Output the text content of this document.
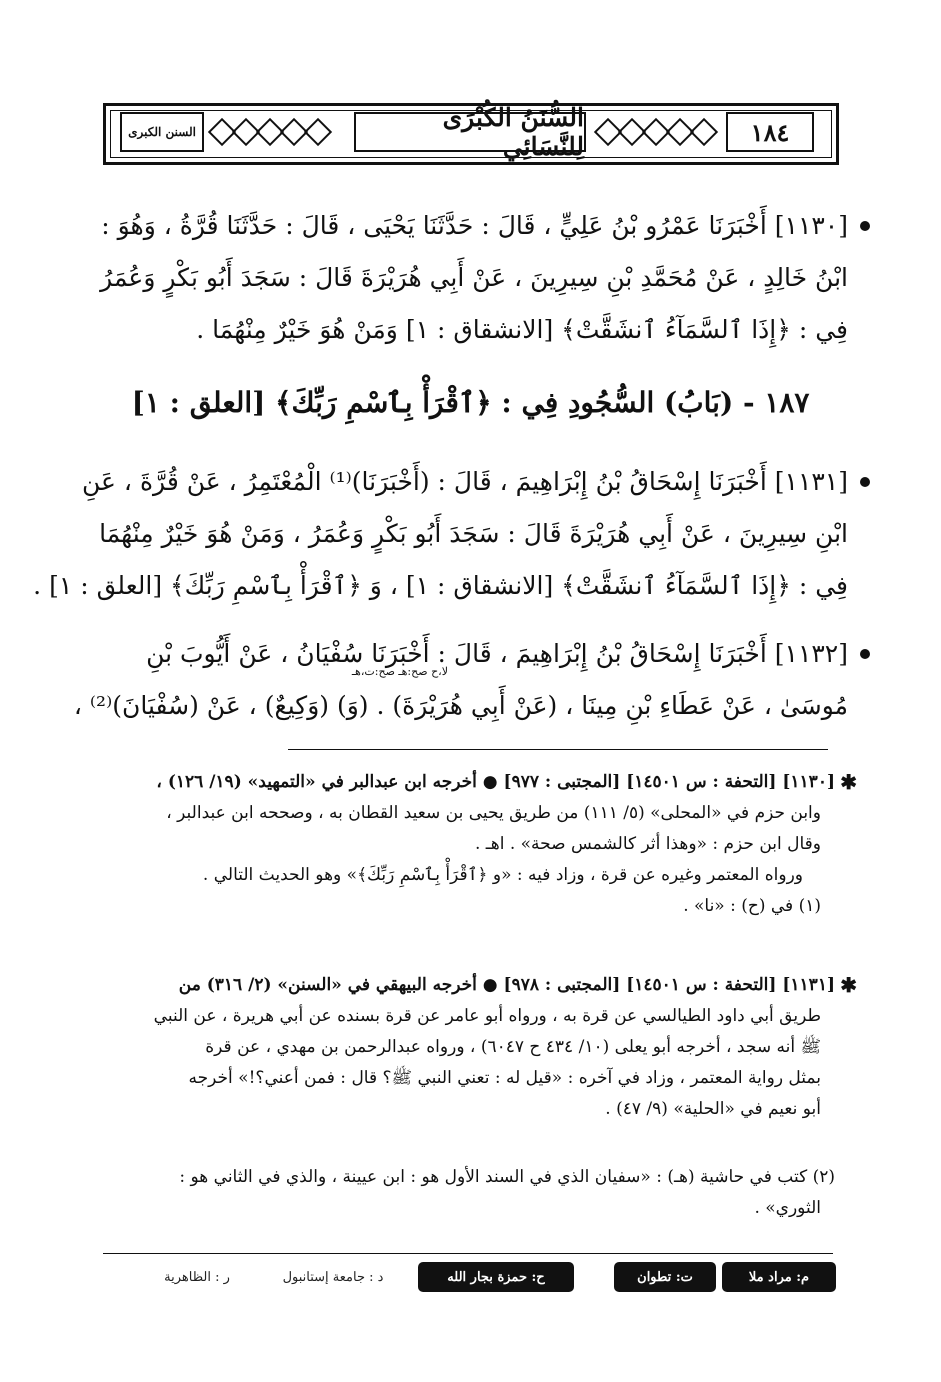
السنن الكبرى	السُّنَنُ الكُبْرَى لِلنَّسَائِي	١٨٤
[١١٣٠] أَخْبَرَنَا عَمْرُو بْنُ عَلِيٍّ ، قَالَ : حَدَّثَنَا يَحْيَى ، قَالَ : حَدَّثَنَا قُرَّةُ ، وَهُوَ :
ابْنُ خَالِدٍ ، عَنْ مُحَمَّدِ بْنِ سِيرِينَ ، عَنْ أَبِي هُرَيْرَةَ قَالَ : سَجَدَ أَبُو بَكْرٍ وَعُمَرُ
فِي : ﴿إِذَا ٱلسَّمَآءُ ٱنشَقَّتْ﴾ [الانشقاق : ١] وَمَنْ هُوَ خَيْرٌ مِنْهُمَا .
١٨٧ - (بَابُ) السُّجُودِ فِي : ﴿ٱقْرَأْ بِٱسْمِ رَبِّكَ﴾ [العلق : ١]
[١١٣١] أَخْبَرَنَا إِسْحَاقُ بْنُ إِبْرَاهِيمَ ، قَالَ : (أَخْبَرَنَا)⁽¹⁾ الْمُعْتَمِرُ ، عَنْ قُرَّةَ ، عَنِ
ابْنِ سِيرِينَ ، عَنْ أَبِي هُرَيْرَةَ قَالَ : سَجَدَ أَبُو بَكْرٍ وَعُمَرُ ، وَمَنْ هُوَ خَيْرٌ مِنْهُمَا
فِي : ﴿إِذَا ٱلسَّمَآءُ ٱنشَقَّتْ﴾ [الانشقاق : ١] ، وَ ﴿ٱقْرَأْ بِٱسْمِ رَبِّكَ﴾ [العلق : ١] .
[١١٣٢] أَخْبَرَنَا إِسْحَاقُ بْنُ إِبْرَاهِيمَ ، قَالَ : أَخْبَرَنَا سُفْيَانُ ، عَنْ أَيُّوبَ بْنِ
مُوسَىٰ ، عَنْ عَطَاءِ بْنِ مِينَا ، (عَنْ أَبِي هُرَيْرَةَ) . (وَ) (وَكِيعٌ) ، عَنْ (سُفْيَانَ)⁽²⁾ ،
لا،ح صح:هـ صح:ت،هـ
✱
[١١٣٠] [التحفة : س ١٤٥٠١] [المجتبى : ٩٧٧] ● أخرجه ابن عبدالبر في «التمهيد» (١٩/ ١٢٦) ،
وابن حزم في «المحلى» (٥/ ١١١) من طريق يحيى بن سعيد القطان به ، وصححه ابن عبدالبر ،
وقال ابن حزم : «وهذا أثر كالشمس صحة» . اهـ .
ورواه المعتمر وغيره عن قرة ، وزاد فيه : «و ﴿ٱقْرَأْ بِٱسْمِ رَبِّكَ﴾» وهو الحديث التالي .
(١) في (ح) : «نا» .
✱
[١١٣١] [التحفة : س ١٤٥٠١] [المجتبى : ٩٧٨] ● أخرجه البيهقي في «السنن» (٢/ ٣١٦) من
طريق أبي داود الطيالسي عن قرة به ، ورواه أبو عامر عن قرة بسنده عن أبي هريرة ، عن النبي
ﷺ أنه سجد ، أخرجه أبو يعلى (١٠/ ٤٣٤ ح ٦٠٤٧) ، ورواه عبدالرحمن بن مهدي ، عن قرة
بمثل رواية المعتمر ، وزاد في آخره : «قيل له : تعني النبي ﷺ؟ قال : فمن أعني؟!» أخرجه
أبو نعيم في «الحلية» (٩/ ٤٧) .
(٢) كتب في حاشية (هـ) : «سفيان الذي في السند الأول هو : ابن عيينة ، والذي في الثاني هو :
الثوري» .
م: مراد ملا
ت: تطوان
ح: حمزة بجار الله
د : جامعة إستانبول
ر : الظاهرية
